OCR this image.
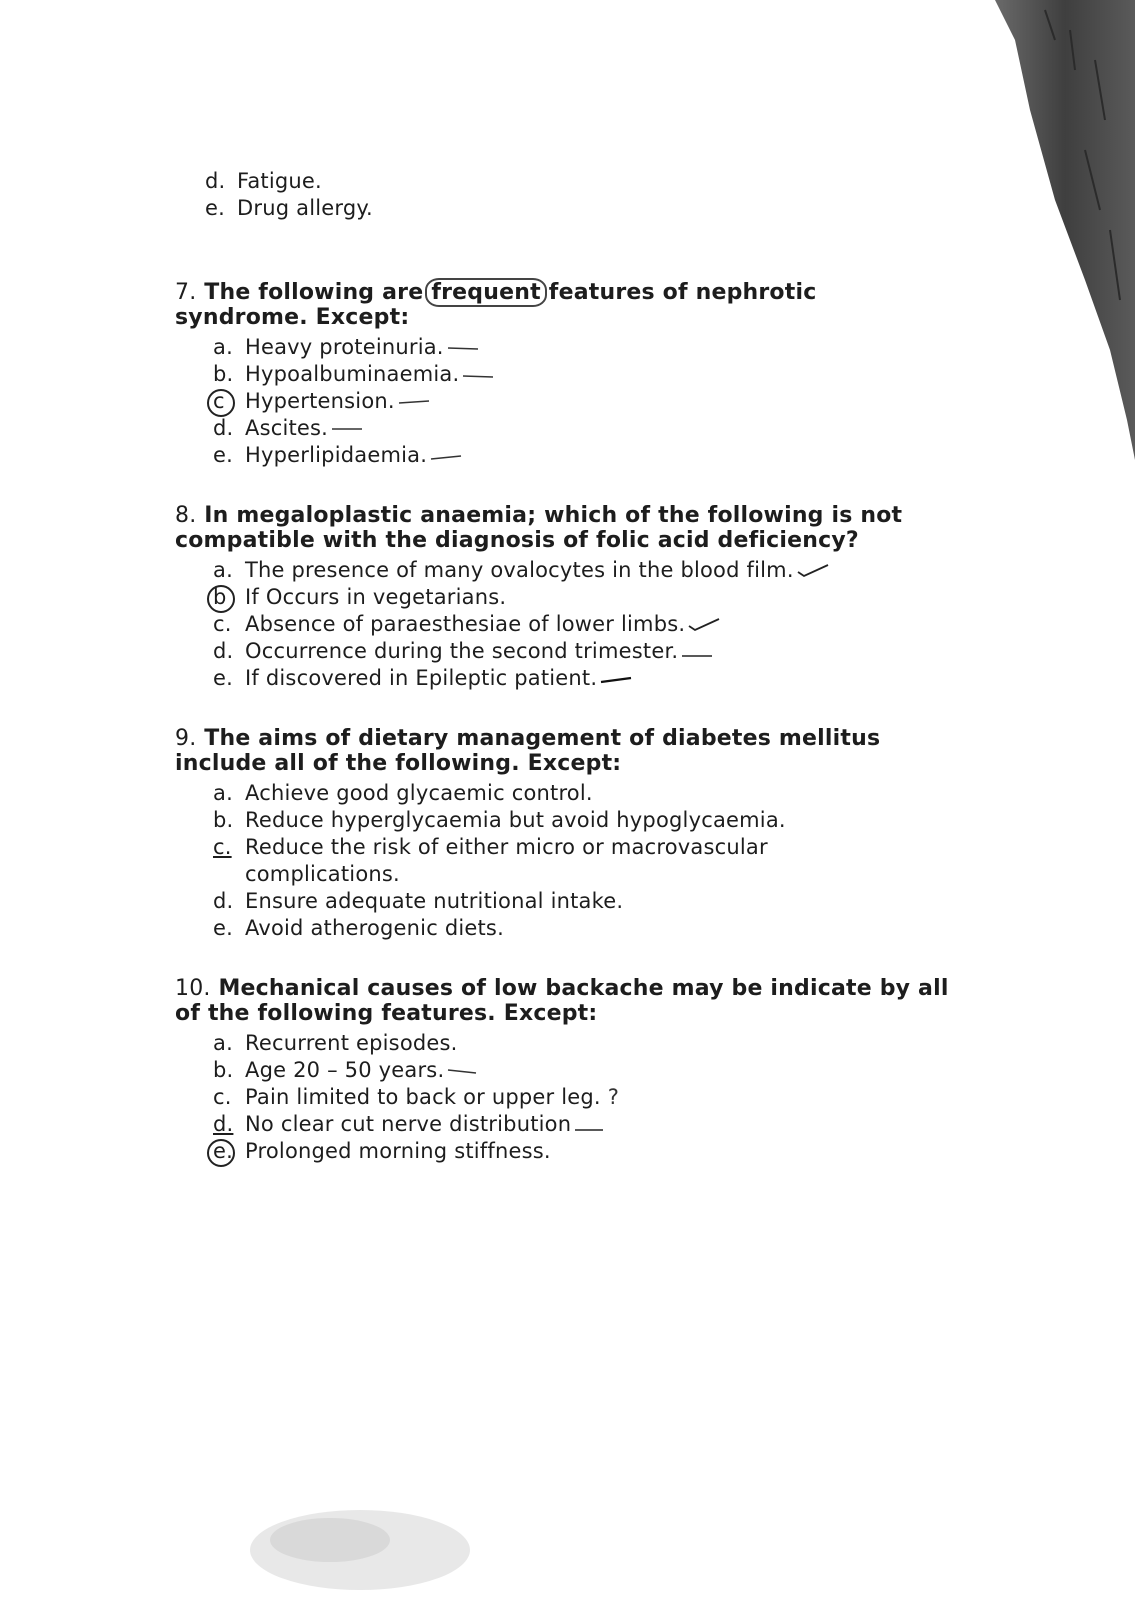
d. Fatigue.
e. Drug allergy.
7. The following are frequent features of nephrotic
syndrome. Except:
a. Heavy proteinuria.
b. Hypoalbuminaemia.
c Hypertension.
d. Ascites.
e. Hyperlipidaemia.
8. In megaloplastic anaemia; which of the following is not
compatible with the diagnosis of folic acid deficiency?
a. The presence of many ovalocytes in the blood film.
b If Occurs in vegetarians.
c. Absence of paraesthesiae of lower limbs.
d. Occurrence during the second trimester.
e. If discovered in Epileptic patient.
9. The aims of dietary management of diabetes mellitus
include all of the following. Except:
a. Achieve good glycaemic control.
b. Reduce hyperglycaemia but avoid hypoglycaemia.
c. Reduce the risk of either micro or macrovascular
complications.
d. Ensure adequate nutritional intake.
e. Avoid atherogenic diets.
10. Mechanical causes of low backache may be indicate by all
of the following features. Except:
a. Recurrent episodes.
b. Age 20 – 50 years.
c. Pain limited to back or upper leg. ?
d. No clear cut nerve distribution
e. Prolonged morning stiffness.
